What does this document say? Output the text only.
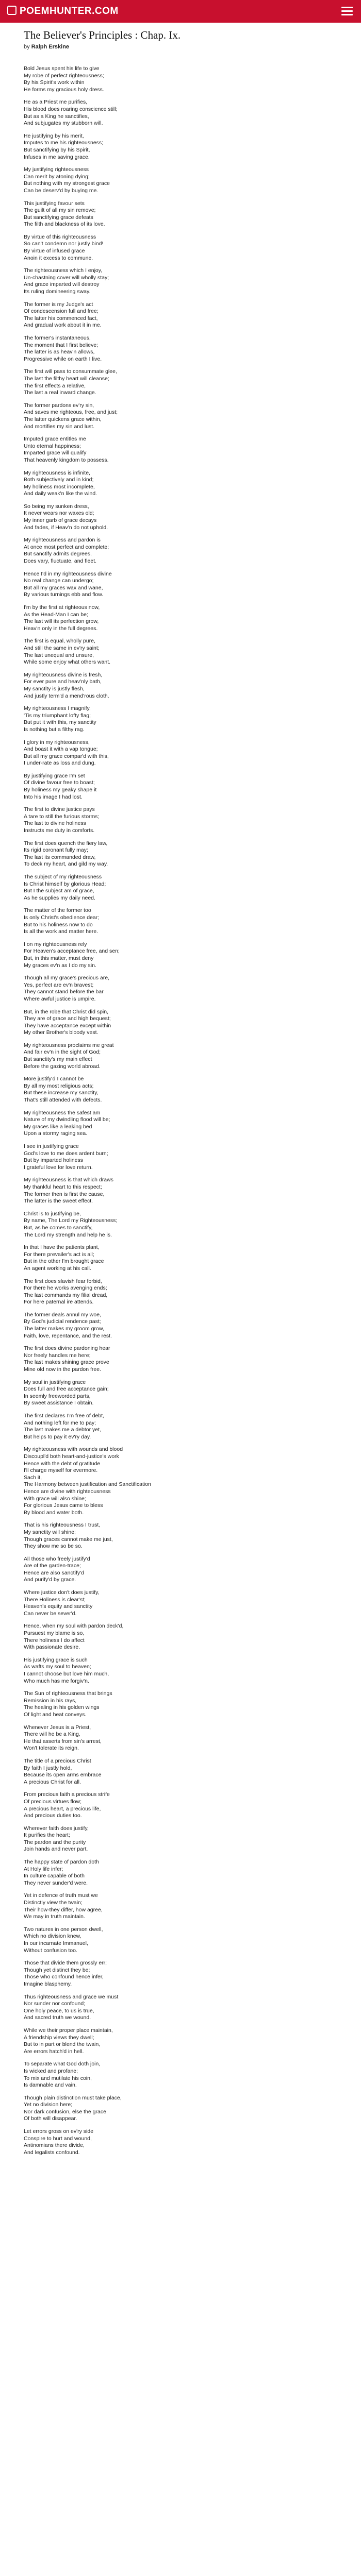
POEMHUNTER.COM
The Believer's Principles : Chap. Ix.
by Ralph Erskine
Bold Jesus spent his life to give
My robe of perfect righteousness;
By his Spirit's work within
He forms my gracious holy dress.
He as a Priest me purifies,
His blood does roaring conscience still;
But as a King he sanctifies,
And subjugates my stubborn will.
He justifying by his merit,
Imputes to me his righteousness;
But sanctifying by his Spirit,
Infuses in me saving grace.
My justifying righteousness
Can merit by atoning dying;
But nothing with my strongest grace
Can be deserv'd by buying me.
This justifying favour sets
The guilt of all my sin remove;
But sanctifying grace defeats
The filth and blackness of its love.
By virtue of this righteousness
So can't condemn nor justly bind!
By virtue of infused grace
Anoin it excess to commune.
The righteousness which I enjoy,
Un-chastning cover will wholly stay;
And grace imparted will destroy
Its ruling domineering sway.
The former is my Judge's act
Of condescension full and free;
The latter his commenced fact,
And gradual work about it in me.
The former's instantaneous,
The moment that I first believe;
The latter is as heav'n allows,
Progressive while on earth I live.
The first will pass to consummate glee,
The last the filthy heart will cleanse;
The first effects a relative,
The last a real inward change.
The former pardons ev'ry sin,
And saves me righteous, free, and just;
The latter quickens grace within,
And mortifies my sin and lust.
Imputed grace entitles me
Unto eternal happiness;
Imparted grace will qualify
That heavenly kingdom to possess.
My righteousness is infinite,
Both subjectively and in kind;
My holiness most incomplete,
And daily weak'n like the wind.
So being my sunken dress,
It never wears nor waxes old;
My inner garb of grace decays
And fades, if Heav'n do not uphold.
My righteousness and pardon is
At once most perfect and complete;
But sanctify admits degrees,
Does vary, fluctuate, and fleet.
Hence I'd in my righteousness divine
No real change can undergo;
But all my graces wax and wane,
By various turnings ebb and flow.
I'm by the first at righteous now,
As the Head-Man I can be;
The last will its perfection grow,
Heav'n only in the full degrees.
The first is equal, wholly pure,
And still the same in ev'ry saint;
The last unequal and unsure,
While some enjoy what others want.
My righteousness divine is fresh,
For ever pure and heav'nly bath,
My sanctity is justly flesh,
And justly term'd a mend'rous cloth.
My righteousness I magnify,
'Tis my triumphant lofty flag;
But put it with this, my sanctity
Is nothing but a filthy rag.
I glory in my righteousness,
And boast it with a vap tongue;
But all my grace compar'd with this,
I under-rate as loss and dung.
By justifying grace I'm set
Of divine favour free to boast;
By holiness my geaky shape it
Into his image I had lost.
The first to divine justice pays
A tare to still the furious storms;
The last to divine holiness
Instructs me duty in comforts.
The first does quench the fiery law,
Its rigid coronant fully may;
The last its commanded draw,
To deck my heart, and gild my way.
The subject of my righteousness
Is Christ himself by glorious Head;
But I the subject am of grace,
As he supplies my daily need.
The matter of the former too
Is only Christ's obedience dear;
But to his holiness now to do
Is all the work and matter here.
I on my righteousness rely
For Heaven's acceptance free, and sen;
But, in this matter, must deny
My graces ev'n as I do my sin.
Though all my grace's precious are,
Yes, perfect are ev'n bravest;
They cannot stand before the bar
Where awful justice is umpire.
But, in the robe that Christ did spin,
They are of grace and high bequest;
They have acceptance except within
My other Brother's bloody vest.
My righteousness proclaims me great
And fair ev'n in the sight of God;
But sanctity's my main effect
Before the gazing world abroad.
More justify'd I cannot be
By all my most religious acts;
But these increase my sanctity,
That's still attended with defects.
My righteousness the safest am
Nature of my dwindling flood will be;
My graces like a leaking bed
Upon a stormy raging sea.
I see in justifying grace
God's love to me does ardent burn;
But by imparted holiness
I grateful love for love return.
My righteousness is that which draws
My thankful heart to this respect;
The former then is first the cause,
The latter is the sweet effect.
Christ is to justifying be,
By name, The Lord my Righteousness;
But, as he comes to sanctify,
The Lord my strength and help he is.
In that I have the patients plant,
For there prevailer's act is all;
But in the other I'm brought grace
An agent working at his call.
The first does slavish fear forbid,
For there he works avenging ends;
The last commands my filial dread,
For here paternal ire attends.
The former deals annul my woe,
By God's judicial rendence past;
The latter makes my groom grow,
Faith, love, repentance, and the rest.
The first does divine pardoning hear
Nor freely handles me here;
The last makes shining grace prove
Mine old now in the pardon free.
My soul in justifying grace
Does full and free acceptance gain;
In seemly freeworded parts,
By sweet assistance I obtain.
The first declares I'm free of debt,
And nothing left for me to pay;
The last makes me a debtor yet,
But helps to pay it ev'ry day.
My righteousness with wounds and blood
Discoupl'd both heart-and-justice's work
Hence with the debt of gratitude
I'll charge myself for evermore.
Sach it,
The Harmony between justification and Sanctification
Hence are divine with righteousness
With grace will also shine;
For glorious Jesus came to bless
By blood and water both.
That is his righteousness I trust,
My sanctity will shine;
Though graces cannot make me just,
They show me so be so.
All those who freely justify'd
Are of the garden-trace;
Hence are also sanctify'd
And purify'd by grace.
Where justice don't does justify,
There Holiness is clear'st;
Heaven's equity and sanctity
Can never be sever'd.
Hence, when my soul with pardon deck'd,
Pursuest my blame is so,
There holiness I do affect
With passionate desire.
His justifying grace is such
As wafts my soul to heaven;
I cannot choose but love him much,
Who much has me forgiv'n.
The Sun of righteousness that brings
Remission in his rays,
The healing in his golden wings
Of light and heat conveys.
Whenever Jesus is a Priest,
There will he be a King,
He that asserts from sin's arrest,
Won't tolerate its reign.
The title of a precious Christ
By faith I justly hold,
Because its open arms embrace
A precious Christ for all.
From precious faith a precious strife
Of precious virtues flow;
A precious heart, a precious life,
And precious duties too.
Wherever faith does justify,
It purifies the heart;
The pardon and the purity
Join hands and never part.
The happy state of pardon doth
At Holy life infer;
In culture capable of both
They never sunder'd were.
Yet in defence of truth must we
Distinctly view the twain;
Their how-they differ, how agree,
We may in truth maintain.
Two natures in one person dwell,
Which no division knew,
In our incarnate Immanuel,
Without confusion too.
Those that divide them grossly err;
Though yet distinct they be;
Those who confound hence infer,
Imagine blasphemy.
Thus righteousness and grace we must
Nor sunder nor confound;
One holy peace, to us is true,
And sacred truth we wound.
While we their proper place maintain,
A friendship views they dwell;
But to in part or blend the twain,
Are errors hatch'd in hell.
To separate what God doth join,
Is wicked and profane;
To mix and mutilate his coin,
Is damnable and vain.
Though plain distinction must take place,
Yet no division here;
Nor dark confusion, else the grace
Of both will disappear.
Let errors gross on ev'ry side
Conspire to hurt and wound,
Antinomians there divide,
And legalists confound.
